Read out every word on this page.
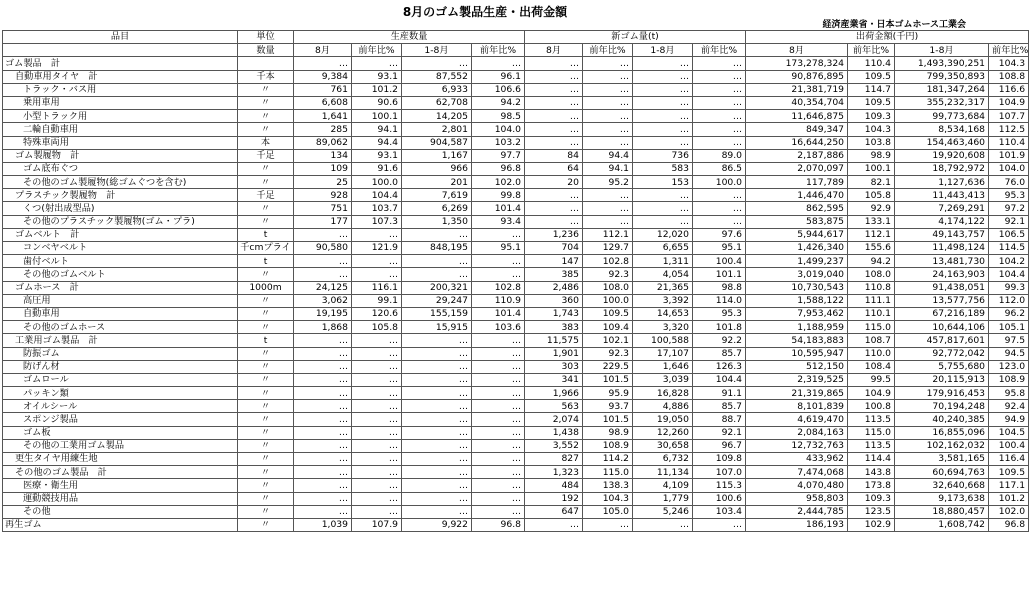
8月のゴム製品生産・出荷金額
経済産業省・日本ゴムホース工業会
品目	単位	生産数量				新ゴム量(t)				出荷金額(千円)			
	数量	8月	前年比%	1-8月	前年比%	8月	前年比%	1-8月	前年比%	8月	前年比%	1-8月	前年比%
ゴム製品　計		…	…	…	…	…	…	…	…	173,278,324	110.4	1,493,390,251	104.3
自動車用タイヤ　計	千本	9,384	93.1	87,552	96.1	…	…	…	…	90,876,895	109.5	799,350,893	108.8
トラック・バス用	〃	761	101.2	6,933	106.6	…	…	…	…	21,381,719	114.7	181,347,264	116.6
乗用車用	〃	6,608	90.6	62,708	94.2	…	…	…	…	40,354,704	109.5	355,232,317	104.9
小型トラック用	〃	1,641	100.1	14,205	98.5	…	…	…	…	11,646,875	109.3	99,773,684	107.7
二輪自動車用	〃	285	94.1	2,801	104.0	…	…	…	…	849,347	104.3	8,534,168	112.5
特殊車両用	本	89,062	94.4	904,587	103.2	…	…	…	…	16,644,250	103.8	154,463,460	110.4
ゴム製履物　計	千足	134	93.1	1,167	97.7	84	94.4	736	89.0	2,187,886	98.9	19,920,608	101.9
ゴム底布ぐつ	〃	109	91.6	966	96.8	64	94.1	583	86.5	2,070,097	100.1	18,792,972	104.0
その他のゴム製履物(総ゴムぐつを含む)	〃	25	100.0	201	102.0	20	95.2	153	100.0	117,789	82.1	1,127,636	76.0
プラスチック製履物　計	千足	928	104.4	7,619	99.8	…	…	…	…	1,446,470	105.8	11,443,413	95.3
くつ(射出成型品)	〃	751	103.7	6,269	101.4	…	…	…	…	862,595	92.9	7,269,291	97.2
その他のプラスチック製履物(ゴム・プラ)	〃	177	107.3	1,350	93.4	…	…	…	…	583,875	133.1	4,174,122	92.1
ゴムベルト　計	t	…	…	…	…	1,236	112.1	12,020	97.6	5,944,617	112.1	49,143,757	106.5
コンベヤベルト	千cmプライ	90,580	121.9	848,195	95.1	704	129.7	6,655	95.1	1,426,340	155.6	11,498,124	114.5
歯付ベルト	t	…	…	…	…	147	102.8	1,311	100.4	1,499,237	94.2	13,481,730	104.2
その他のゴムベルト	〃	…	…	…	…	385	92.3	4,054	101.1	3,019,040	108.0	24,163,903	104.4
ゴムホース　計	1000m	24,125	116.1	200,321	102.8	2,486	108.0	21,365	98.8	10,730,543	110.8	91,438,051	99.3
高圧用	〃	3,062	99.1	29,247	110.9	360	100.0	3,392	114.0	1,588,122	111.1	13,577,756	112.0
自動車用	〃	19,195	120.6	155,159	101.4	1,743	109.5	14,653	95.3	7,953,462	110.1	67,216,189	96.2
その他のゴムホース	〃	1,868	105.8	15,915	103.6	383	109.4	3,320	101.8	1,188,959	115.0	10,644,106	105.1
工業用ゴム製品　計	t	…	…	…	…	11,575	102.1	100,588	92.2	54,183,883	108.7	457,817,601	97.5
防振ゴム	〃	…	…	…	…	1,901	92.3	17,107	85.7	10,595,947	110.0	92,772,042	94.5
防げん材	〃	…	…	…	…	303	229.5	1,646	126.3	512,150	108.4	5,755,680	123.0
ゴムロール	〃	…	…	…	…	341	101.5	3,039	104.4	2,319,525	99.5	20,115,913	108.9
パッキン類	〃	…	…	…	…	1,966	95.9	16,828	91.1	21,319,865	104.9	179,916,453	95.8
オイルシール	〃	…	…	…	…	563	93.7	4,886	85.7	8,101,839	100.8	70,194,248	92.4
スポンジ製品	〃	…	…	…	…	2,074	101.5	19,050	88.7	4,619,470	113.5	40,240,385	94.9
ゴム板	〃	…	…	…	…	1,438	98.9	12,260	92.1	2,084,163	115.0	16,855,096	104.5
その他の工業用ゴム製品	〃	…	…	…	…	3,552	108.9	30,658	96.7	12,732,763	113.5	102,162,032	100.4
更生タイヤ用練生地	〃	…	…	…	…	827	114.2	6,732	109.8	433,962	114.4	3,581,165	116.4
その他のゴム製品　計	〃	…	…	…	…	1,323	115.0	11,134	107.0	7,474,068	143.8	60,694,763	109.5
医療・衛生用	〃	…	…	…	…	484	138.3	4,109	115.3	4,070,480	173.8	32,640,668	117.1
運動競技用品	〃	…	…	…	…	192	104.3	1,779	100.6	958,803	109.3	9,173,638	101.2
その他	〃	…	…	…	…	647	105.0	5,246	103.4	2,444,785	123.5	18,880,457	102.0
再生ゴム	〃	1,039	107.9	9,922	96.8	…	…	…	…	186,193	102.9	1,608,742	96.8
